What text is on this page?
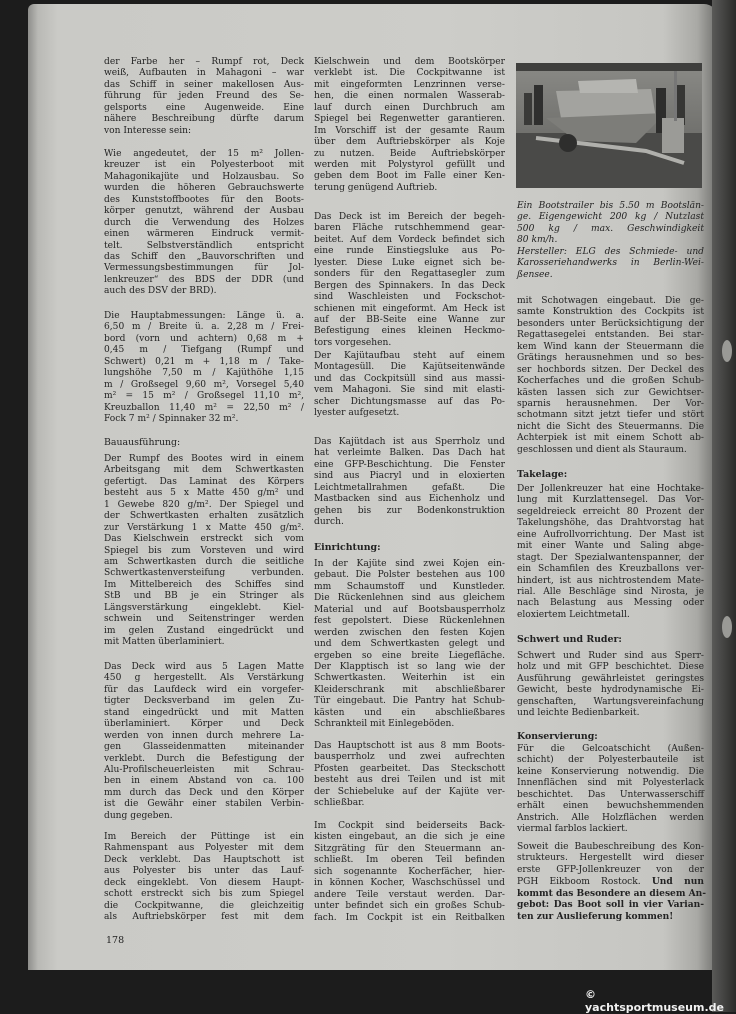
der Farbe her – Rumpf rot, Deck
weiß, Aufbauten in Mahagoni – war
das Schiff in seiner makellosen Aus-
führung für jeden Freund des Se-
gelsports eine Augenweide. Eine
nähere Beschreibung dürfte darum
von Interesse sein:
Wie angedeutet, der 15 m² Jollen-
kreuzer ist ein Polyesterboot mit
Mahagonikajüte und Holzausbau. So
wurden die höheren Gebrauchswerte
des Kunststoffbootes für den Boots-
körper genutzt, während der Ausbau
durch die Verwendung des Holzes
einen wärmeren Eindruck vermit-
telt. Selbstverständlich entspricht
das Schiff den „Bauvorschriften und
Vermessungsbestimmungen für Jol-
lenkreuzer“ des BDS der DDR (und
auch des DSV der BRD).
Die Hauptabmessungen: Länge ü. a.
6,50 m / Breite ü. a. 2,28 m / Frei-
bord (vorn und achtern) 0,68 m +
0,45 m / Tiefgang (Rumpf und
Schwert) 0,21 m + 1,18 m / Take-
lungshöhe 7,50 m / Kajüthöhe 1,15
m / Großsegel 9,60 m², Vorsegel 5,40
m² = 15 m² / Großsegel 11,10 m²,
Kreuzballon 11,40 m² = 22,50 m² /
Fock 7 m² / Spinnaker 32 m².
Bauausführung:
Der Rumpf des Bootes wird in einem
Arbeitsgang mit dem Schwertkasten
gefertigt. Das Laminat des Körpers
besteht aus 5 x Matte 450 g/m² und
1 Gewebe 820 g/m². Der Spiegel und
der Schwertkasten erhalten zusätzlich
zur Verstärkung 1 x Matte 450 g/m².
Das Kielschwein erstreckt sich vom
Spiegel bis zum Vorsteven und wird
am Schwertkasten durch die seitliche
Schwertkastenversteifung verbunden.
Im Mittelbereich des Schiffes sind
StB und BB je ein Stringer als
Längsverstärkung eingeklebt. Kiel-
schwein und Seitenstringer werden
im gelen Zustand eingedrückt und
mit Matten überlaminiert.
Das Deck wird aus 5 Lagen Matte
450 g hergestellt. Als Verstärkung
für das Laufdeck wird ein vorgefer-
tigter Decksverband im gelen Zu-
stand eingedrückt und mit Matten
überlaminiert. Körper und Deck
werden von innen durch mehrere La-
gen Glasseidenmatten miteinander
verklebt. Durch die Befestigung der
Alu-Profilscheuerleisten mit Schrau-
ben in einem Abstand von ca. 100
mm durch das Deck und den Körper
ist die Gewähr einer stabilen Verbin-
dung gegeben.
Im Bereich der Püttinge ist ein
Rahmenspant aus Polyester mit dem
Deck verklebt. Das Hauptschott ist
aus Polyester bis unter das Lauf-
deck eingeklebt. Von diesem Haupt-
schott erstreckt sich bis zum Spiegel
die Cockpitwanne, die gleichzeitig
als Auftriebskörper fest mit dem
178
Kielschwein und dem Bootskörper
verklebt ist. Die Cockpitwanne ist
mit eingeformten Lenzrinnen verse-
hen, die einen normalen Wasserab-
lauf durch einen Durchbruch am
Spiegel bei Regenwetter garantieren.
Im Vorschiff ist der gesamte Raum
über dem Auftriebskörper als Koje
zu nutzen. Beide Auftriebskörper
werden mit Polystyrol gefüllt und
geben dem Boot im Falle einer Ken-
terung genügend Auftrieb.
Das Deck ist im Bereich der begeh-
baren Fläche rutschhemmend gear-
beitet. Auf dem Vordeck befindet sich
eine runde Einstiegsluke aus Po-
lyester. Diese Luke eignet sich be-
sonders für den Regattasegler zum
Bergen des Spinnakers. In das Deck
sind Waschleisten und Fockschot-
schienen mit eingeformt. Am Heck ist
auf der BB-Seite eine Wanne zur
Befestigung eines kleinen Heckmo-
tors vorgesehen.
Der Kajütaufbau steht auf einem
Montagesüll. Die Kajütseitenwände
und das Cockpitsüll sind aus massi-
vem Mahagoni. Sie sind mit elasti-
scher Dichtungsmasse auf das Po-
lyester aufgesetzt.
Das Kajütdach ist aus Sperrholz und
hat verleimte Balken. Das Dach hat
eine GFP-Beschichtung. Die Fenster
sind aus Piacryl und in eloxierten
Leichtmetallrahmen gefaßt. Die
Mastbacken sind aus Eichenholz und
gehen bis zur Bodenkonstruktion
durch.
Einrichtung:
In der Kajüte sind zwei Kojen ein-
gebaut. Die Polster bestehen aus 100
mm Schaumstoff und Kunstleder.
Die Rückenlehnen sind aus gleichem
Material und auf Bootsbausperrholz
fest gepolstert. Diese Rückenlehnen
werden zwischen den festen Kojen
und dem Schwertkasten gelegt und
ergeben so eine breite Liegefläche.
Der Klapptisch ist so lang wie der
Schwertkasten. Weiterhin ist ein
Kleiderschrank mit abschließbarer
Tür eingebaut. Die Pantry hat Schub-
kästen und ein abschließbares
Schrankteil mit Einlegeböden.
Das Hauptschott ist aus 8 mm Boots-
bausperrholz und zwei aufrechten
Pfosten gearbeitet. Das Steckschott
besteht aus drei Teilen und ist mit
der Schiebeluke auf der Kajüte ver-
schließbar.
Im Cockpit sind beiderseits Back-
kisten eingebaut, an die sich je eine
Sitzgräting für den Steuermann an-
schließt. Im oberen Teil befinden
sich sogenannte Kocherfächer, hier-
in können Kocher, Waschschüssel und
andere Teile verstaut werden. Dar-
unter befindet sich ein großes Schub-
fach. Im Cockpit ist ein Reitbalken
Ein Bootstrailer bis 5.50 m Bootslän-
ge. Eigengewicht 200 kg / Nutzlast
500 kg / max. Geschwindigkeit
80 km/h.
Hersteller: ELG des Schmiede- und
Karosseriehandwerks in Berlin-Wei-
ßensee.
mit Schotwagen eingebaut. Die ge-
samte Konstruktion des Cockpits ist
besonders unter Berücksichtigung der
Regattasegelei entstanden. Bei star-
kem Wind kann der Steuermann die
Grätings herausnehmen und so bes-
ser hochbords sitzen. Der Deckel des
Kocherfaches und die großen Schub-
kästen lassen sich zur Gewichtser-
sparnis herausnehmen. Der Vor-
schotmann sitzt jetzt tiefer und stört
nicht die Sicht des Steuermanns. Die
Achterpiek ist mit einem Schott ab-
geschlossen und dient als Stauraum.
Takelage:
Der Jollenkreuzer hat eine Hochtake-
lung mit Kurzlattensegel. Das Vor-
segeldreieck erreicht 80 Prozent der
Takelungshöhe, das Drahtvorstag hat
eine Aufrollvorrichtung. Der Mast ist
mit einer Wante und Saling abge-
stagt. Der Spezialwantenspanner, der
ein Schamfilen des Kreuzballons ver-
hindert, ist aus nichtrostendem Mate-
rial. Alle Beschläge sind Nirosta, je
nach Belastung aus Messing oder
eloxiertem Leichtmetall.
Schwert und Ruder:
Schwert und Ruder sind aus Sperr-
holz und mit GFP beschichtet. Diese
Ausführung gewährleistet geringstes
Gewicht, beste hydrodynamische Ei-
genschaften, Wartungsvereinfachung
und leichte Bedienbarkeit.
Konservierung:
Für die Gelcoatschicht (Außen-
schicht) der Polyesterbauteile ist
keine Konservierung notwendig. Die
Innenflächen sind mit Polyesterlack
beschichtet. Das Unterwasserschiff
erhält einen bewuchshemmenden
Anstrich. Alle Holzflächen werden
viermal farblos lackiert.
Soweit die Baubeschreibung des Kon-
strukteurs. Hergestellt wird dieser
erste GFP-Jollenkreuzer von der
PGH Eikboom Rostock. Und nun
kommt das Besondere an diesem An-
gebot: Das Boot soll in vier Varian-
ten zur Auslieferung kommen!
© yachtsportmuseum.de
